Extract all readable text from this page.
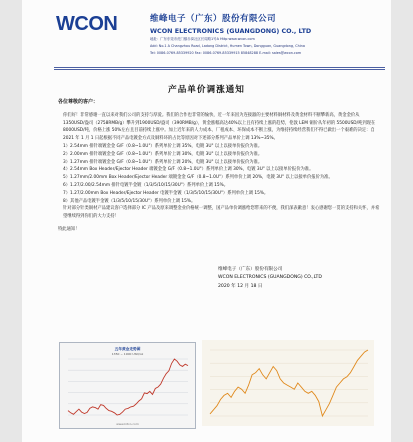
WCON	维峰电子（广东）股份有限公司
WCON ELECTRONICS (GUANGDONG) CO., LTD
地址：广东东莞市虎门镇赤岗社区长周路1号A Http:www.wcon.com
Add: No.1 A Changzhou Road, Ladong District, Humen Town, Dongguan, Guangdong, China
Tel: 0086-0769-85339920 Fax: 0086-0769-85339915 85848288 E-mail: sales@wcon.com
产品单价调涨通知

各位尊敬的客户：

你们好！非常感谢一直以来对我们公司的支持与厚爱。我们的合作也非常的愉快，近一年来因为连接器的主要材料铜材料及黄金材料不断攀新高，黄金金价从1350USD/盎司（2758RMB/g）攀升到1900USD/盎司（390RMB/g），黄金涨幅高达40%以上且有持续上涨的趋势，伦敦 LEM 铜价从年初的 5500USD/吨到现在 8000USD/吨，价格上涨 50%左右且目前持续上涨中。加上近年来的人力成本、厂租成本、环保成本不断上涨，为维持持续经营我们不得已做出一个艰难的决定：自 2021 年 1 月 1 日起根据不同产品电镀金方式及铜料环的占比等原因对下述部分系列产品单价上调 13%~35%。

1）2.54mm 排针端镀金金 G/F（0.8~1.0U"）系列单价上调 35%，电镀 3U" 以上以接单价报价为准。

2）2.00mm 排针端镀金金 G/F（0.8~1.0U"）系列单价上调 30%，电镀 3U" 以上以接单价报价为准。

3）1.27mm 排针端镀金金 G/F（0.8~1.0U"）系列单价上调 20%，电镀 3U" 以上以接单价报价为准。

4）2.54mm Box Header/Ejector Header 端镀金金 G/F（0.8~1.0U"）系列单价上调 30%，电镀 3U" 以上以接单价报价为准。

5）1.27mm/2.00mm Box Header/Ejector Header 端镀金金 G/F（0.8~1.0U"）系列单价上调 20%，电镀 3U" 以上以接单价报价为准。

6）1.27/2.00/2.54mm 排针电镀半金镀（1/3/5/10/15/30U"）系列单价上调 15%。

7）1.27/2.00mm Box Header/Ejector Header 电镀半金镀（1/3/5/10/15/30U"）系列单价上调 15%。

8）其他产品电镀半金镀（1/3/5/10/15/30U"）系列单价上调 15%。

针对部分针类铜材产品建议客户选择部分 IC 产品及原来调整金业价格统一调整，国产品单价调涨给您带来的不便，我们深表歉意！衷心感谢您一贯的支持和关怀，并希望继续得到你们的大力支持！

特此通知！

维峰电子（广东）股份有限公司
WCON ELECTRONICS (GUANGDONG) CO.,LTD
2020 年 12 月 18 日
五年黄金走势图
1350 ~ 1900 USD/oz
www.kitco.com
